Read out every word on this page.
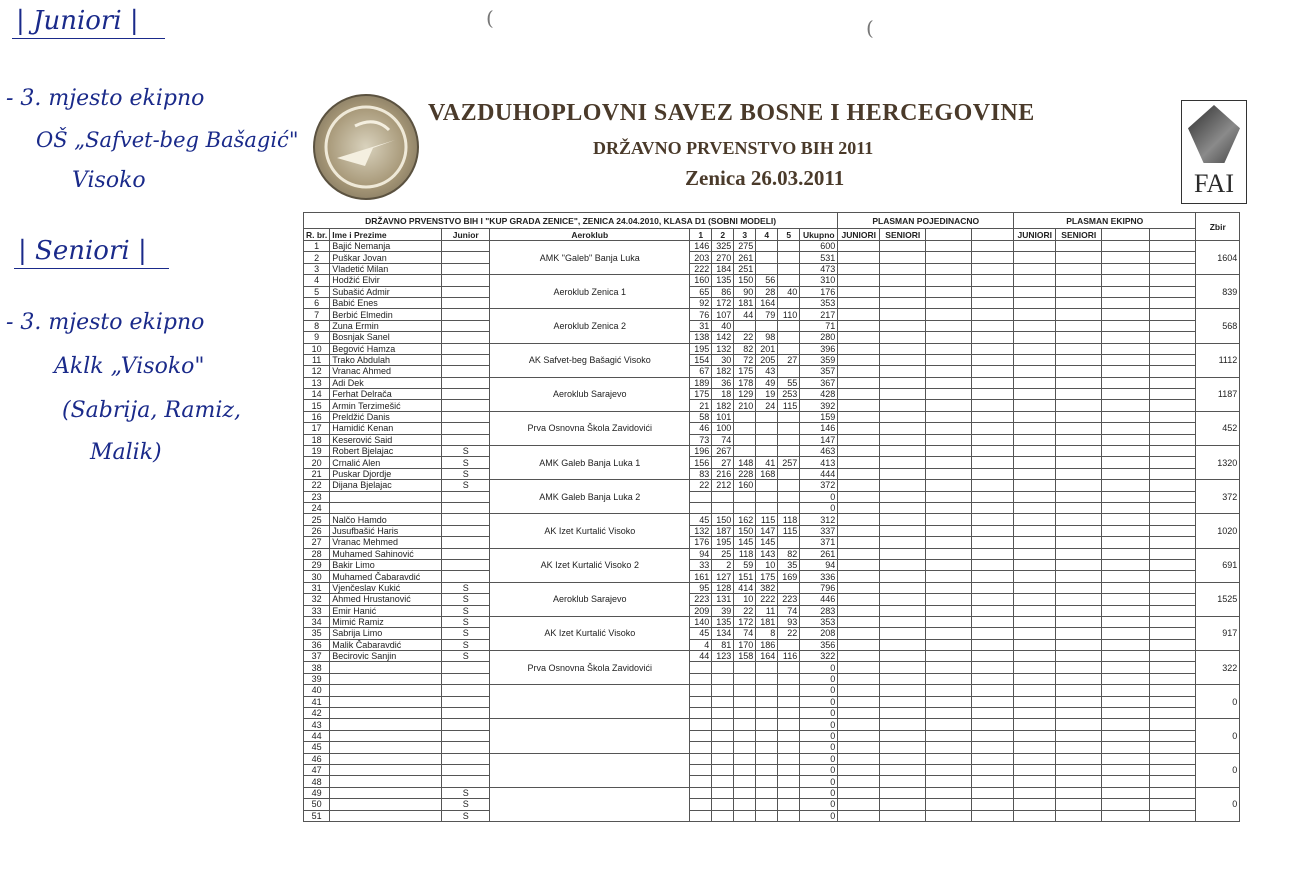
| Juniori |
- 3. mjesto ekipno
OŠ „Safvet-beg Bašagić"
Visoko
| Seniori |
- 3. mjesto ekipno
Aklk „Visoko"
(Sabrija, Ramiz,
Malik)
(	(
VAZDUHOPLOVNI SAVEZ BOSNE I HERCEGOVINE
DRŽAVNO PRVENSTVO BIH 2011
Zenica 26.03.2011	FAI
DRŽAVNO PRVENSTVO BIH I "KUP GRADA ZENICE", ZENICA 24.04.2010, KLASA D1 (SOBNI MODELI)										PLASMAN POJEDINACNO				PLASMAN EKIPNO				Zbir
R. br.	Ime i Prezime	Junior	Aeroklub	1	2	3	4	5	Ukupno	JUNIORI	SENIORI			JUNIORI	SENIORI			
1	Bajić Nemanja		AMK "Galeb" Banja Luka	146	325	275			600									1604
2	Puškar Jovan			203	270	261			531									
3	Vladetić Milan			222	184	251			473									
4	Hodžić Elvir		Aeroklub Zenica 1	160	135	150	56		310									839
5	Subašić Admir			65	86	90	28	40	176									
6	Babić Enes			92	172	181	164		353									
7	Berbić Elmedin		Aeroklub Zenica 2	76	107	44	79	110	217									568
8	Zuna Ermin			31	40				71									
9	Bosnjak Sanel			138	142	22	98		280									
10	Begović Hamza		AK Safvet-beg Bašagić Visoko	195	132	82	201		396									1112
11	Trako Abdulah			154	30	72	205	27	359									
12	Vranac Ahmed			67	182	175	43		357									
13	Adi Dek		Aeroklub Sarajevo	189	36	178	49	55	367									1187
14	Ferhat Delrača			175	18	129	19	253	428									
15	Armin Terzimešić			21	182	210	24	115	392									
16	Preldžić Danis		Prva Osnovna Škola Zavidovići	58	101				159									452
17	Hamidić Kenan			46	100				146									
18	Keserović Said			73	74				147									
19	Robert Bjelajac	S	AMK Galeb Banja Luka 1	196	267				463									1320
20	Crnalić Alen	S		156	27	148	41	257	413									
21	Puskar Djordje	S		83	216	228	168		444									
22	Dijana Bjelajac	S	AMK Galeb Banja Luka 2	22	212	160			372									372
23									0									
24									0									
25	Nalčo Hamdo		AK Izet Kurtalić Visoko	45	150	162	115	118	312									1020
26	Jusufbašić Haris			132	187	150	147	115	337									
27	Vranac Mehmed			176	195	145	145		371									
28	Muhamed Sahinović		AK Izet Kurtalić Visoko 2	94	25	118	143	82	261									691
29	Bakir Limo			33	2	59	10	35	94									
30	Muhamed Čabaravdić			161	127	151	175	169	336									
31	Vjenčeslav Kukić	S	Aeroklub Sarajevo	95	128	414	382		796									1525
32	Ahmed Hrustanović	S		223	131	10	222	223	446									
33	Emir Hanić	S		209	39	22	11	74	283									
34	Mimić Ramiz	S	AK Izet Kurtalić Visoko	140	135	172	181	93	353									917
35	Sabrija Limo	S		45	134	74	8	22	208									
36	Malik Čabaravdić	S		4	81	170	186		356									
37	Becirovic Sanjin	S	Prva Osnovna Škola Zavidovići	44	123	158	164	116	322									322
38									0									
39									0									
40									0									0
41									0									
42									0									
43									0									0
44									0									
45									0									
46									0									0
47									0									
48									0									
49		S							0									0
50		S							0									
51		S							0									
